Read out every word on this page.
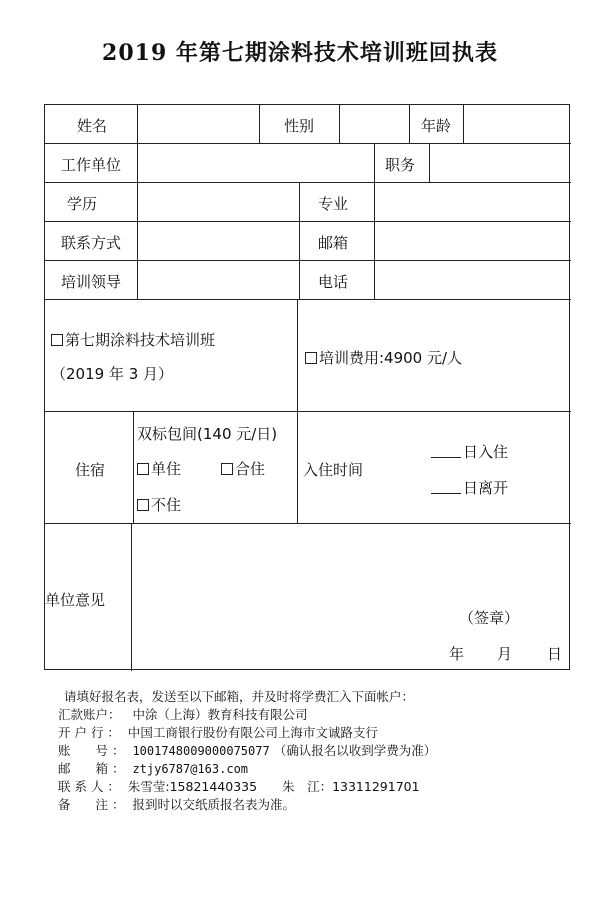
2019 年第七期涂料技术培训班回执表
姓名	性别	年龄
工作单位	职务
学历	专业
联系方式	邮箱
培训领导	电话
第七期涂料技术培训班
（2019 年 3 月）
培训费用:4900 元/人
住宿
双标包间(140 元/日)
单住	合住
不住
入住时间
日入住
日离开
单位意见
（签章）
年 月 日
请填好报名表，发送至以下邮箱，并及时将学费汇入下面帐户：
汇款账户： 中涂（上海）教育科技有限公司
开 户 行 ： 中国工商银行股份有限公司上海市文诚路支行
账　　号 ： 1001748009000075077 （确认报名以收到学费为准）
邮　　箱 ： ztjy6787@163.com
联 系 人 ： 朱雪莹:15821440335　　朱　江：13311291701
备　　注 ： 报到时以交纸质报名表为准。
